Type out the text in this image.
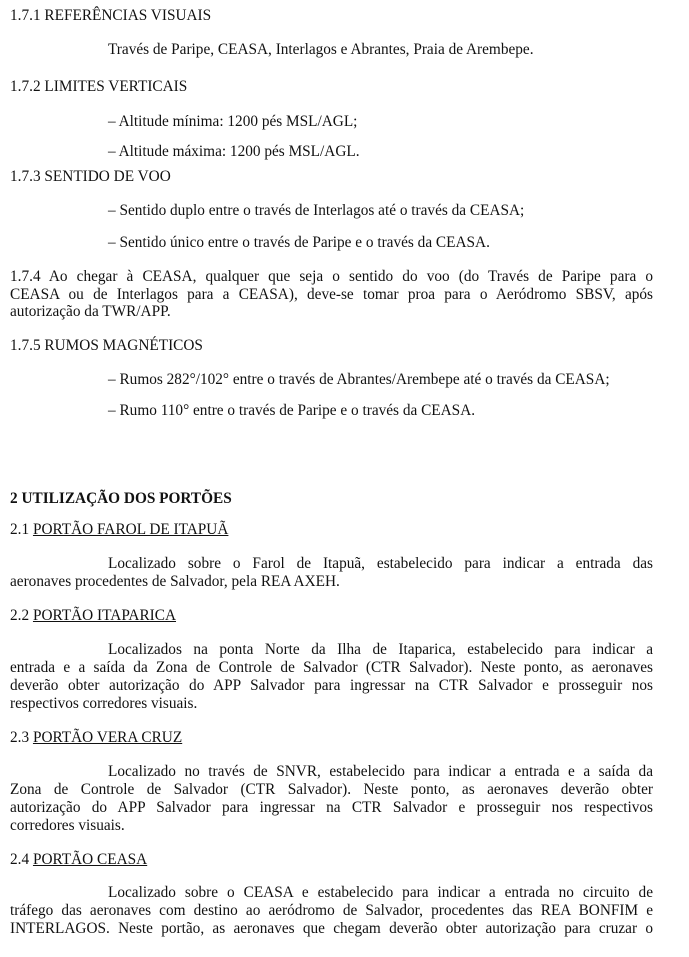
1.7.1 REFERÊNCIAS VISUAIS
Través de Paripe, CEASA, Interlagos e Abrantes, Praia de Arembepe.
1.7.2 LIMITES VERTICAIS
– Altitude mínima: 1200 pés MSL/AGL;
– Altitude máxima: 1200 pés MSL/AGL.
1.7.3 SENTIDO DE VOO
– Sentido duplo entre o través de Interlagos até o través da CEASA;
– Sentido único entre o través de Paripe e o través da CEASA.
1.7.4 Ao chegar à CEASA, qualquer que seja o sentido do voo (do Través de Paripe para o
CEASA ou de Interlagos para a CEASA), deve-se tomar proa para o Aeródromo SBSV, após
autorização da TWR/APP.
1.7.5 RUMOS MAGNÉTICOS
– Rumos 282°/102° entre o través de Abrantes/Arembepe até o través da CEASA;
– Rumo 110° entre o través de Paripe e o través da CEASA.
2 UTILIZAÇÃO DOS PORTÕES
2.1 PORTÃO FAROL DE ITAPUÃ
Localizado sobre o Farol de Itapuã, estabelecido para indicar a entrada das
aeronaves procedentes de Salvador, pela REA AXEH.
2.2 PORTÃO ITAPARICA
Localizados na ponta Norte da Ilha de Itaparica, estabelecido para indicar a
entrada e a saída da Zona de Controle de Salvador (CTR Salvador). Neste ponto, as aeronaves
deverão obter autorização do APP Salvador para ingressar na CTR Salvador e prosseguir nos
respectivos corredores visuais.
2.3 PORTÃO VERA CRUZ
Localizado no través de SNVR, estabelecido para indicar a entrada e a saída da
Zona de Controle de Salvador (CTR Salvador). Neste ponto, as aeronaves deverão obter
autorização do APP Salvador para ingressar na CTR Salvador e prosseguir nos respectivos
corredores visuais.
2.4 PORTÃO CEASA
Localizado sobre o CEASA e estabelecido para indicar a entrada no circuito de
tráfego das aeronaves com destino ao aeródromo de Salvador, procedentes das REA BONFIM e
INTERLAGOS. Neste portão, as aeronaves que chegam deverão obter autorização para cruzar o
